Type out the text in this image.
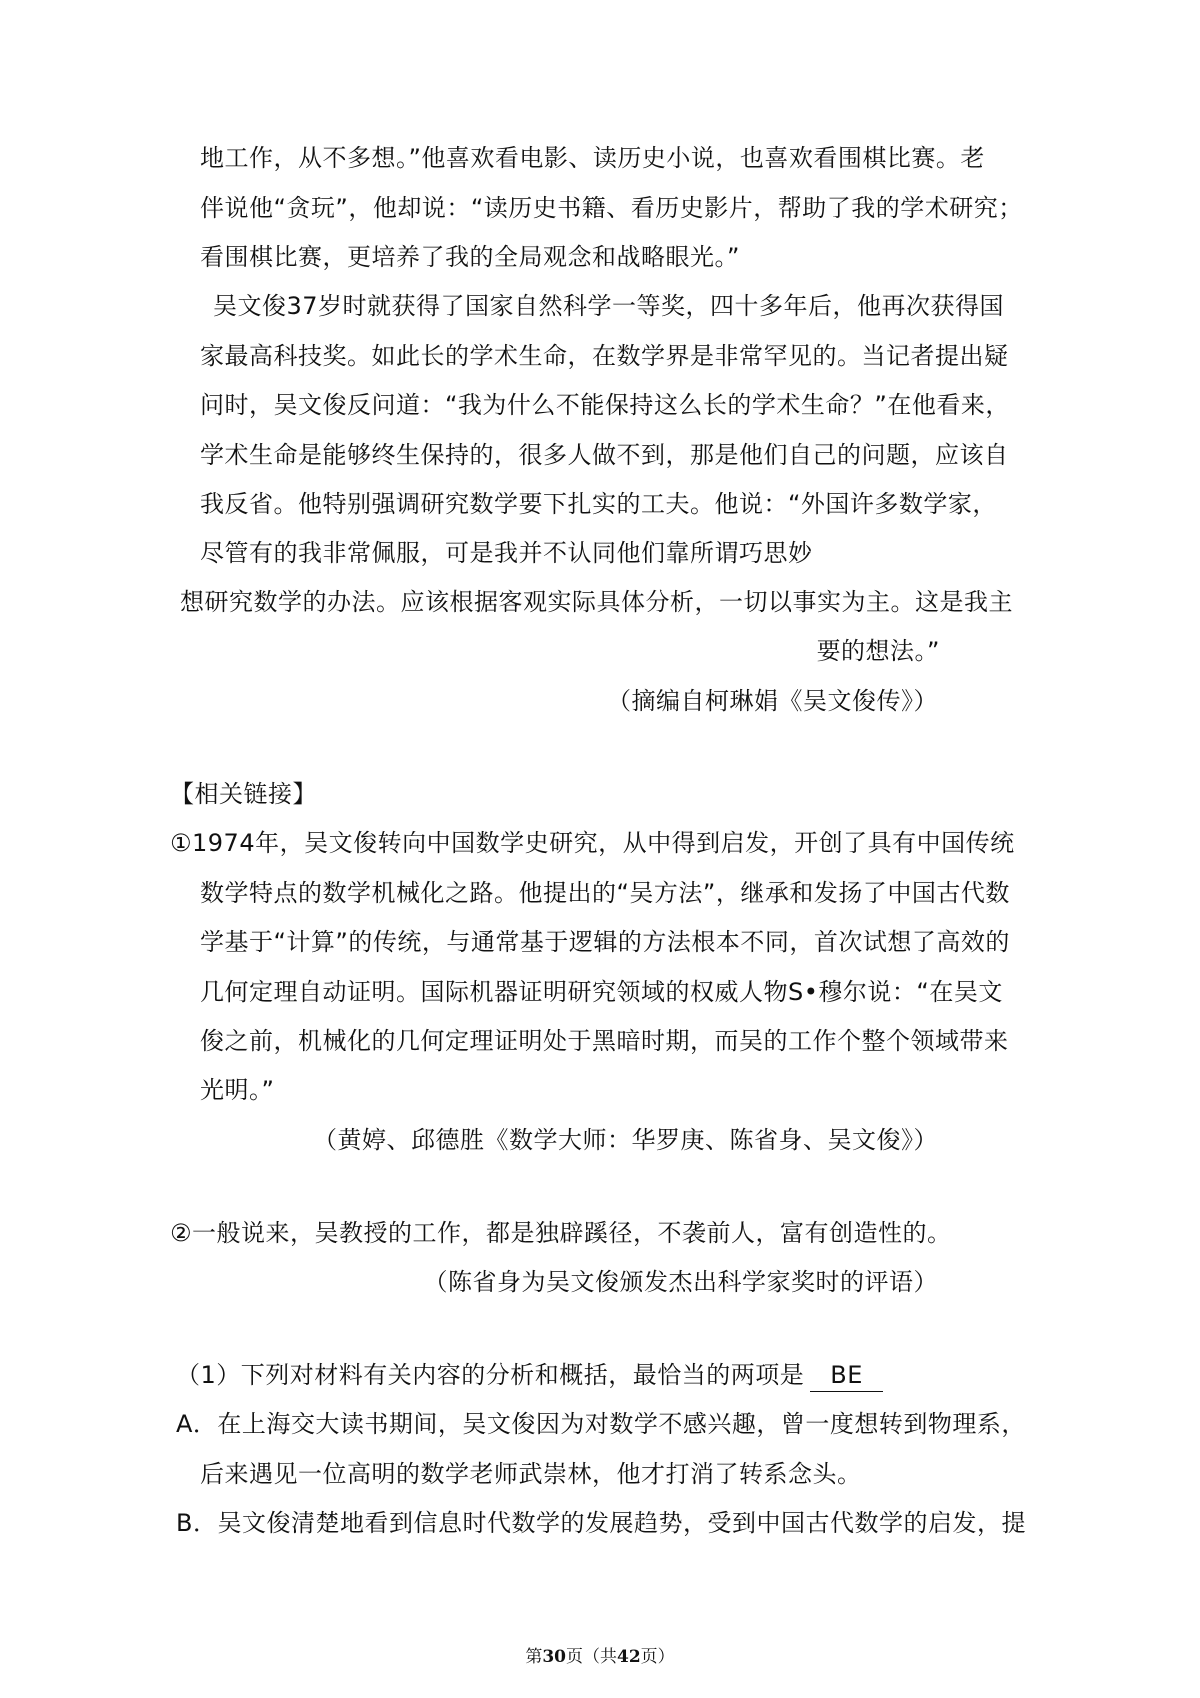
地工作，从不多想。”他喜欢看电影、读历史小说，也喜欢看围棋比赛。老
伴说他“贪玩”，他却说：“读历史书籍、看历史影片，帮助了我的学术研究；
看围棋比赛，更培养了我的全局观念和战略眼光。”
吴文俊37岁时就获得了国家自然科学一等奖，四十多年后，他再次获得国
家最高科技奖。如此长的学术生命，在数学界是非常罕见的。当记者提出疑
问时，吴文俊反问道：“我为什么不能保持这么长的学术生命？”在他看来，
学术生命是能够终生保持的，很多人做不到，那是他们自己的问题，应该自
我反省。他特别强调研究数学要下扎实的工夫。他说：“外国许多数学家，
尽管有的我非常佩服，可是我并不认同他们靠所谓巧思妙
想研究数学的办法。应该根据客观实际具体分析，一切以事实为主。这是我主
要的想法。”
（摘编自柯琳娟《吴文俊传》）
【相关链接】
①1974年，吴文俊转向中国数学史研究，从中得到启发，开创了具有中国传统
数学特点的数学机械化之路。他提出的“吴方法”，继承和发扬了中国古代数
学基于“计算”的传统，与通常基于逻辑的方法根本不同，首次试想了高效的
几何定理自动证明。国际机器证明研究领域的权威人物S•穆尔说：“在吴文
俊之前，机械化的几何定理证明处于黑暗时期，而吴的工作个整个领域带来
光明。”
（黄婷、邱德胜《数学大师：华罗庚、陈省身、吴文俊》）
②一般说来，吴教授的工作，都是独辟蹊径，不袭前人，富有创造性的。
（陈省身为吴文俊颁发杰出科学家奖时的评语）
（1）下列对材料有关内容的分析和概括，最恰当的两项是 BE
A．在上海交大读书期间，吴文俊因为对数学不感兴趣，曾一度想转到物理系，
后来遇见一位高明的数学老师武崇林，他才打消了转系念头。
B．吴文俊清楚地看到信息时代数学的发展趋势，受到中国古代数学的启发，提
第30页（共42页）
